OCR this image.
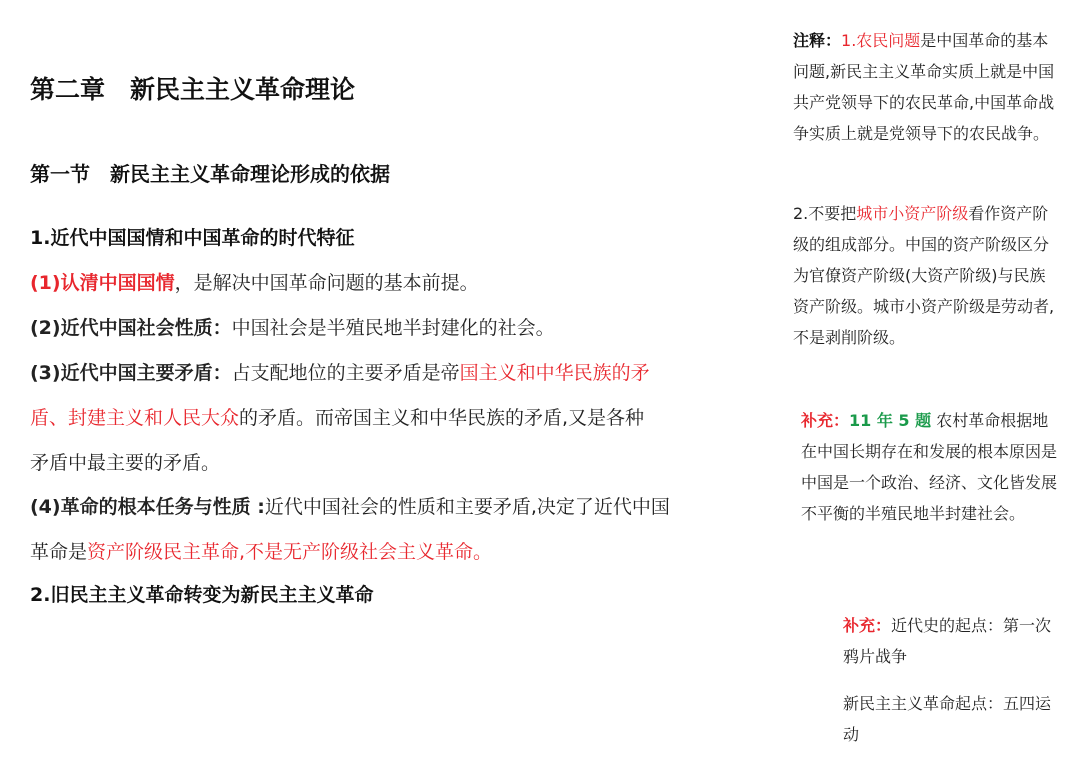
第二章　新民主主义革命理论
第一节　新民主主义革命理论形成的依据
1.近代中国国情和中国革命的时代特征
(1)认清中国国情，是解决中国革命问题的基本前提。
(2)近代中国社会性质：中国社会是半殖民地半封建化的社会。
(3)近代中国主要矛盾：占支配地位的主要矛盾是帝国主义和中华民族的矛
盾、封建主义和人民大众的矛盾。而帝国主义和中华民族的矛盾,又是各种
矛盾中最主要的矛盾。
(4)革命的根本任务与性质 :近代中国社会的性质和主要矛盾,决定了近代中国
革命是资产阶级民主革命,不是无产阶级社会主义革命。
2.旧民主主义革命转变为新民主主义革命

注释：1.农民问题是中国革命的基本问题,新民主主义革命实质上就是中国共产党领导下的农民革命,中国革命战争实质上就是党领导下的农民战争。

2.不要把城市小资产阶级看作资产阶级的组成部分。中国的资产阶级区分为官僚资产阶级(大资产阶级)与民族资产阶级。城市小资产阶级是劳动者,不是剥削阶级。

补充：11 年 5 题 农村革命根据地在中国长期存在和发展的根本原因是中国是一个政治、经济、文化皆发展不平衡的半殖民地半封建社会。

补充：近代史的起点：第一次鸦片战争

新民主主义革命起点：五四运动
